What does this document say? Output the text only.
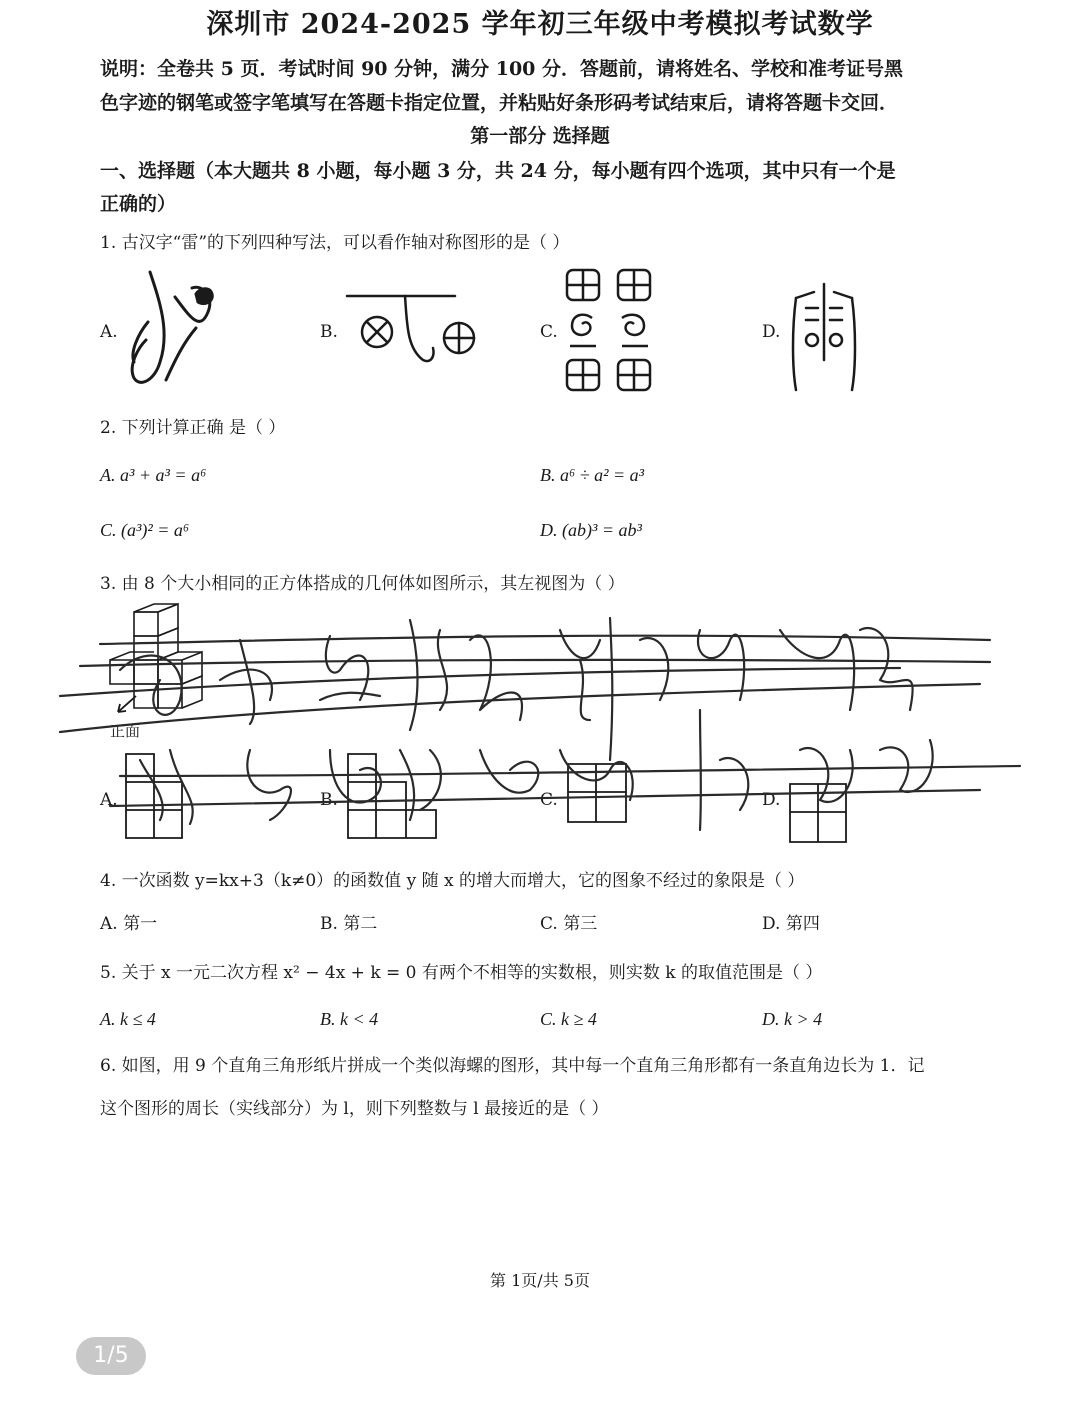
深圳市 2024-2025 学年初三年级中考模拟考试数学
说明：全卷共 5 页．考试时间 90 分钟，满分 100 分．答题前，请将姓名、学校和准考证号黑
色字迹的钢笔或签字笔填写在答题卡指定位置，并粘贴好条形码考试结束后，请将答题卡交回．
第一部分 选择题
一、选择题（本大题共 8 小题，每小题 3 分，共 24 分，每小题有四个选项，其中只有一个是
正确的）
1. 古汉字“雷”的下列四种写法，可以看作轴对称图形的是（ ）
A.	B.	C.	D.
2. 下列计算正确 是（ ）
A. a³ + a³ = a⁶	B. a⁶ ÷ a² = a³
C. (a³)² = a⁶	D. (ab)³ = ab³
3. 由 8 个大小相同的正方体搭成的几何体如图所示，其左视图为（ ）
正面
A.	B.	C.	D.
4. 一次函数 y=kx+3（k≠0）的函数值 y 随 x 的增大而增大，它的图象不经过的象限是（ ）
A. 第一	B. 第二	C. 第三	D. 第四
5. 关于 x 一元二次方程 x² − 4x + k = 0 有两个不相等的实数根，则实数 k 的取值范围是（ ）
A. k ≤ 4	B. k < 4	C. k ≥ 4	D. k > 4
6. 如图，用 9 个直角三角形纸片拼成一个类似海螺的图形，其中每一个直角三角形都有一条直角边长为 1．记
这个图形的周长（实线部分）为 l，则下列整数与 l 最接近的是（ ）
第 1页/共 5页
1/5
